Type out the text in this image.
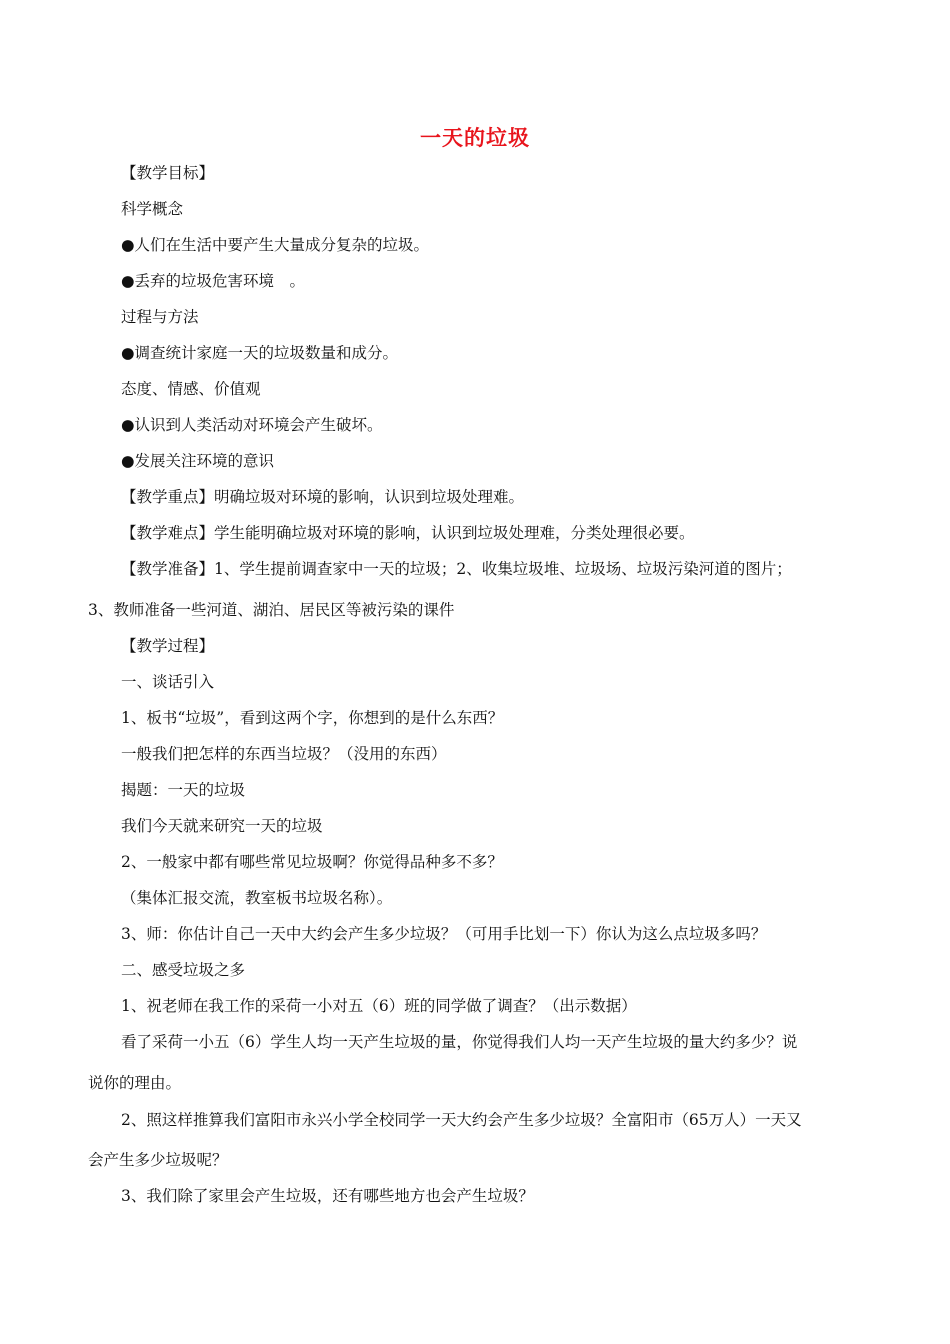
一天的垃圾
【教学目标】
科学概念
●人们在生活中要产生大量成分复杂的垃圾。
●丢弃的垃圾危害环境　。
过程与方法
●调查统计家庭一天的垃圾数量和成分。
态度、情感、价值观
●认识到人类活动对环境会产生破坏。
●发展关注环境的意识
【教学重点】明确垃圾对环境的影响，认识到垃圾处理难。
【教学难点】学生能明确垃圾对环境的影响，认识到垃圾处理难，分类处理很必要。
【教学准备】1、学生提前调查家中一天的垃圾；2、收集垃圾堆、垃圾场、垃圾污染河道的图片；
3、教师准备一些河道、湖泊、居民区等被污染的课件
【教学过程】
一、谈话引入
1、板书“垃圾”，看到这两个字，你想到的是什么东西？
一般我们把怎样的东西当垃圾？（没用的东西）
揭题：一天的垃圾
我们今天就来研究一天的垃圾
2、一般家中都有哪些常见垃圾啊？你觉得品种多不多？
（集体汇报交流，教室板书垃圾名称）。
3、师：你估计自己一天中大约会产生多少垃圾？（可用手比划一下）你认为这么点垃圾多吗？
二、感受垃圾之多
1、祝老师在我工作的采荷一小对五（6）班的同学做了调查？（出示数据）
看了采荷一小五（6）学生人均一天产生垃圾的量，你觉得我们人均一天产生垃圾的量大约多少？说
说你的理由。
2、照这样推算我们富阳市永兴小学全校同学一天大约会产生多少垃圾？全富阳市（65万人）一天又
会产生多少垃圾呢？
3、我们除了家里会产生垃圾，还有哪些地方也会产生垃圾？
